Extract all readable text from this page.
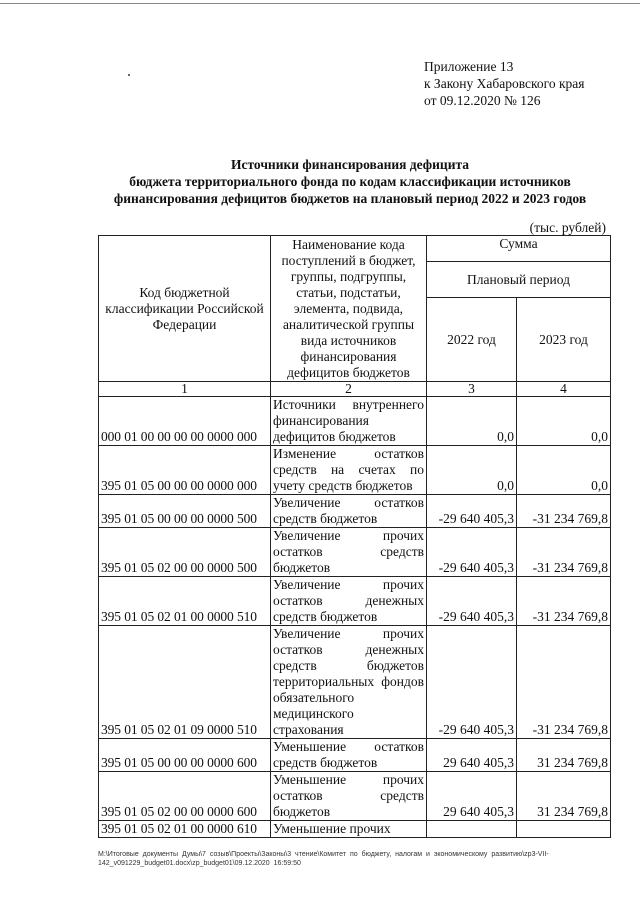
Приложение 13
к Закону Хабаровского края
от 09.12.2020 № 126
Источники финансирования дефицита
бюджета территориального фонда по кодам классификации источников
финансирования дефицитов бюджетов на плановый период 2022 и 2023 годов
(тыс. рублей)
Код бюджетной классификации Российской Федерации	Наименование кода поступлений в бюджет, группы, подгруппы, статьи, подстатьи, элемента, подвида, аналитической группы вида источников финансирования дефицитов бюджетов	Сумма	
		Плановый период	
		2022 год	2023 год
1	2	3	4
000 01 00 00 00 00 0000 000	Источники внутреннего финансирования дефицитов бюджетов	0,0	0,0
395 01 05 00 00 00 0000 000	Изменение остатков средств на счетах по учету средств бюджетов	0,0	0,0
395 01 05 00 00 00 0000 500	Увеличение остатков средств бюджетов	-29 640 405,3	-31 234 769,8
395 01 05 02 00 00 0000 500	Увеличение прочих остатков средств бюджетов	-29 640 405,3	-31 234 769,8
395 01 05 02 01 00 0000 510	Увеличение прочих остатков денежных средств бюджетов	-29 640 405,3	-31 234 769,8
395 01 05 02 01 09 0000 510	Увеличение прочих остатков денежных средств бюджетов территориальных фондов обязательного медицинского страхования	-29 640 405,3	-31 234 769,8
395 01 05 00 00 00 0000 600	Уменьшение остатков средств бюджетов	29 640 405,3	31 234 769,8
395 01 05 02 00 00 0000 600	Уменьшение прочих остатков средств бюджетов	29 640 405,3	31 234 769,8
395 01 05 02 01 00 0000 610	Уменьшение прочих		
M:\Итоговые документы Думы\7 созыв\Проекты\Законы\3 чтение\Комитет по бюджету, налогам и экономическому развитию\zp3-VII-
142_v091229_budget01.docx\zp_budget01\09.12.2020 16:59:50
